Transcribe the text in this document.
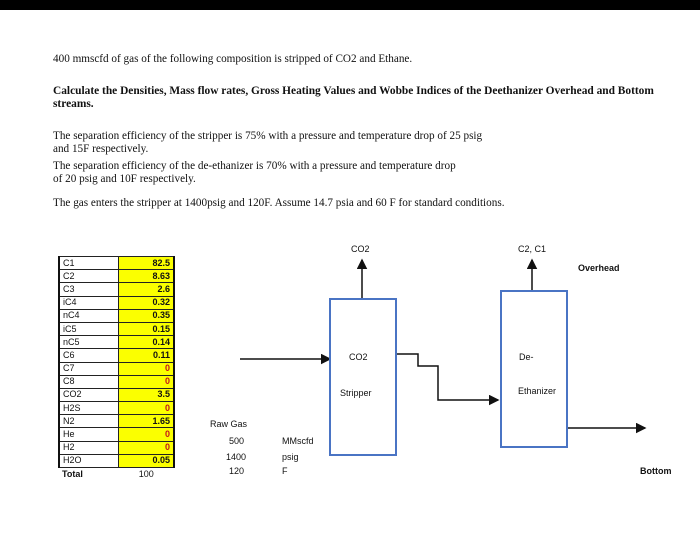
400 mmscfd of gas of the following composition is stripped of CO2 and Ethane.

Calculate the Densities, Mass flow rates, Gross Heating Values and Wobbe Indices of the Deethanizer Overhead and Bottom streams.

The separation efficiency of the stripper is 75% with a pressure and temperature drop of 25 psig

and 15F respectively.

The separation efficiency of the de-ethanizer is 70% with a pressure and temperature drop

of 20 psig and 10F respectively.

The gas enters the stripper at 1400psig and 120F. Assume 14.7 psia and 60 F for standard conditions.

C1	82.5
C2	8.63
C3	2.6
iC4	0.32
nC4	0.35
iC5	0.15
nC5	0.14
C6	0.11
C7	0
C8	0
CO2	3.5
H2S	0
N2	1.65
He	0
H2	0
H2O	0.05
Total	100
CO2
CO2
Stripper
C2, C1
De-
Ethanizer
Overhead
Bottom
Raw Gas
500	MMscfd
1400	psig
120	F
